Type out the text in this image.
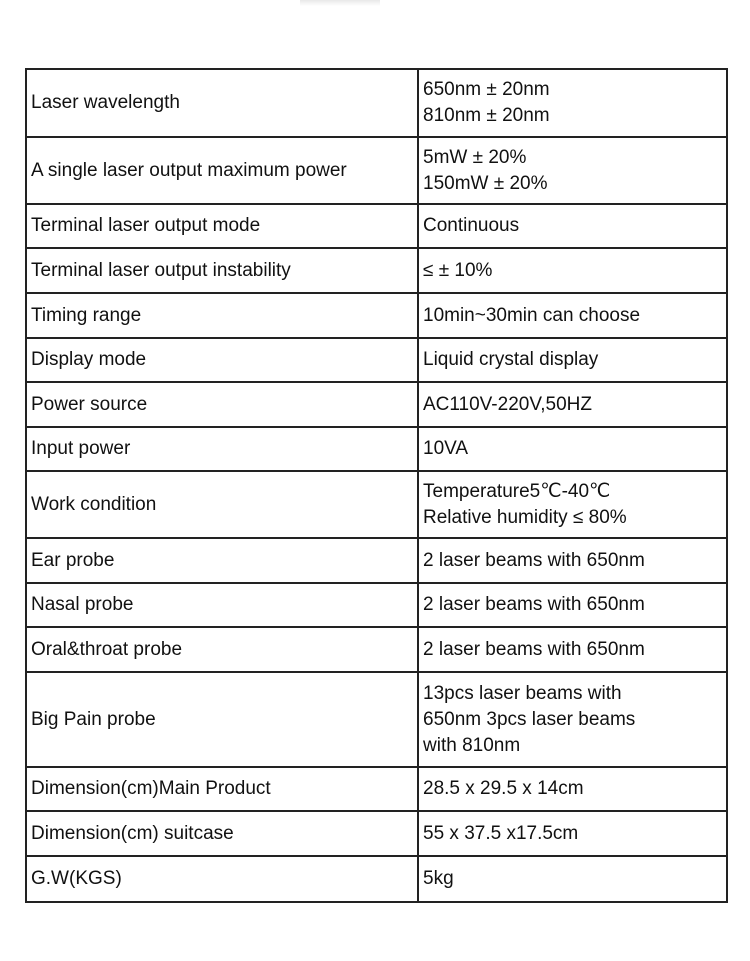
Laser wavelength	650nm ± 20nm
810nm ± 20nm

A single laser output maximum power	5mW ± 20%
150mW ± 20%

Terminal laser output mode	Continuous
Terminal laser output instability	≤ ± 10%
Timing range	10min~30min can choose
Display mode	Liquid crystal display
Power source	AC110V-220V,50HZ
Input power	10VA
Work condition	Temperature5℃-40℃
Relative humidity ≤ 80%

Ear probe	2 laser beams with 650nm
Nasal probe	2 laser beams with 650nm
Oral&throat probe	2 laser beams with 650nm
Big Pain probe	13pcs laser beams with
650nm 3pcs laser beams
with 810nm

Dimension(cm)Main Product	28.5 x 29.5 x 14cm
Dimension(cm) suitcase	55 x 37.5 x17.5cm
G.W(KGS)	5kg
